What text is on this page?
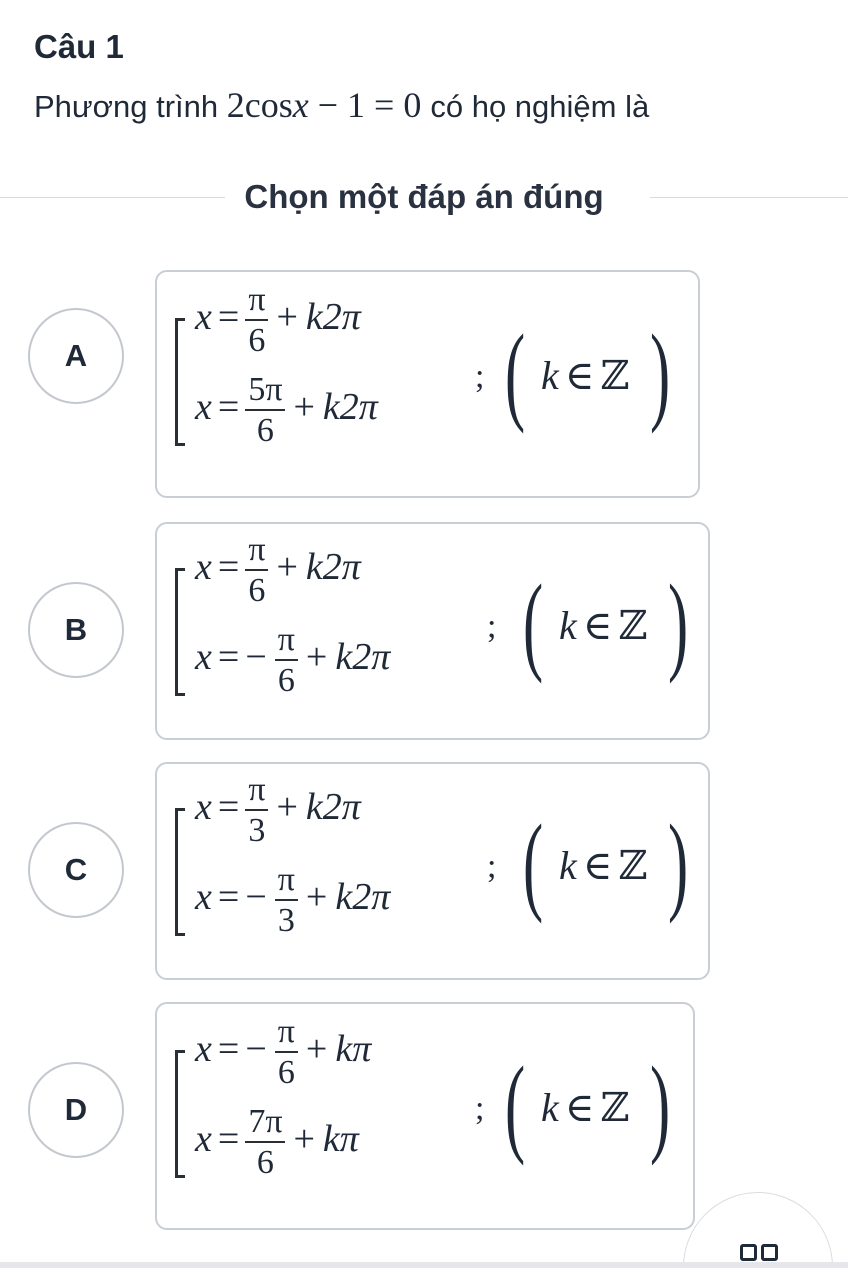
Câu 1
Phương trình 2cosx − 1 = 0 có họ nghiệm là
Chọn một đáp án đúng
A
$x = \frac{\pi}{6} + k2\pi$
$x = \frac{5\pi}{6} + k2\pi$
; ( k ∈ ℤ )
B
$x = \frac{\pi}{6} + k2\pi$
x = − $\frac{\pi}{6} + k2\pi$
; ( k ∈ ℤ )
C
$x = \frac{\pi}{3} + k2\pi$
x = − $\frac{\pi}{3} + k2\pi$
; ( k ∈ ℤ )
D
x = − $\frac{\pi}{6} + k\pi$
$x = \frac{7\pi}{6} + k\pi$
; ( k ∈ ℤ )
